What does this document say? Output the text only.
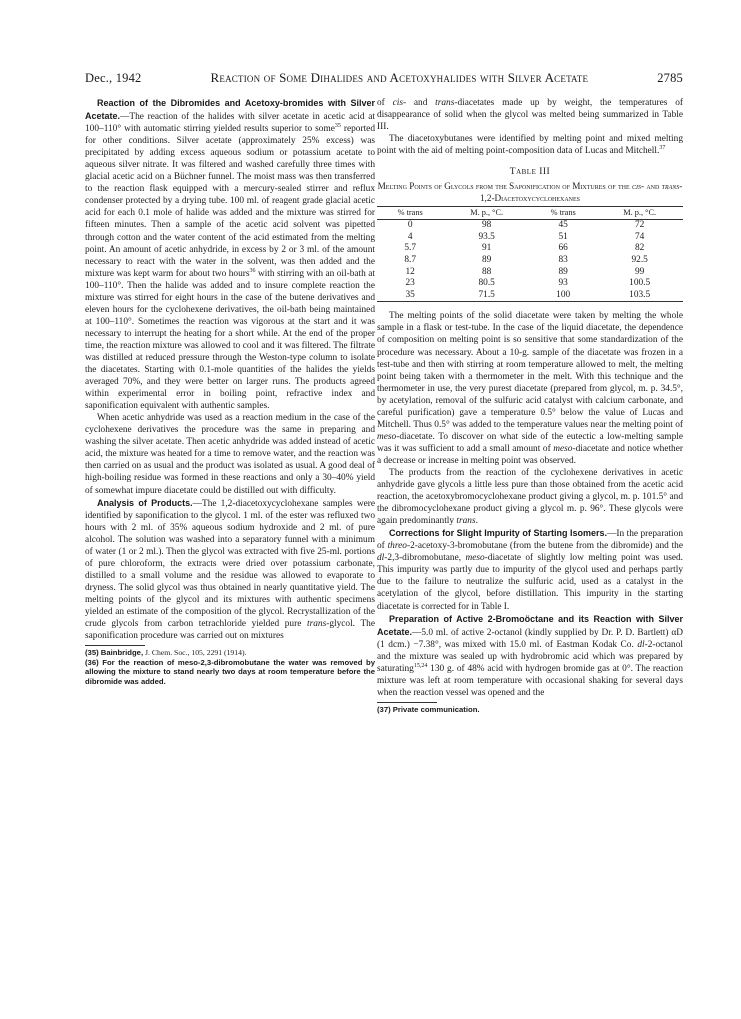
Dec., 1942	Reaction of Some Dihalides and Acetoxyhalides with Silver Acetate	2785

Reaction of the Dibromides and Acetoxy-bromides with Silver Acetate.—The reaction of the halides with silver acetate in acetic acid at 100–110° with automatic stirring yielded results superior to some$^{35}$ reported for other conditions. Silver acetate (approximately 25% excess) was precipitated by adding excess aqueous sodium or potassium acetate to aqueous silver nitrate. It was filtered and washed carefully three times with glacial acetic acid on a Büchner funnel. The moist mass was then transferred to the reaction flask equipped with a mercury-sealed stirrer and reflux condenser protected by a drying tube. 100 ml. of reagent grade glacial acetic acid for each 0.1 mole of halide was added and the mixture was stirred for fifteen minutes. Then a sample of the acetic acid solvent was pipetted through cotton and the water content of the acid estimated from the melting point. An amount of acetic anhydride, in excess by 2 or 3 ml. of the amount necessary to react with the water in the solvent, was then added and the mixture was kept warm for about two hours$^{36}$ with stirring with an oil-bath at 100–110°. Then the halide was added and to insure complete reaction the mixture was stirred for eight hours in the case of the butene derivatives and eleven hours for the cyclohexene derivatives, the oil-bath being maintained at 100–110°. Sometimes the reaction was vigorous at the start and it was necessary to interrupt the heating for a short while. At the end of the proper time, the reaction mixture was allowed to cool and it was filtered. The filtrate was distilled at reduced pressure through the Weston-type column to isolate the diacetates. Starting with 0.1-mole quantities of the halides the yields averaged 70%, and they were better on larger runs. The products agreed within experimental error in boiling point, refractive index and saponification equivalent with authentic samples.

When acetic anhydride was used as a reaction medium in the case of the cyclohexene derivatives the procedure was the same in preparing and washing the silver acetate. Then acetic anhydride was added instead of acetic acid, the mixture was heated for a time to remove water, and the reaction was then carried on as usual and the product was isolated as usual. A good deal of high-boiling residue was formed in these reactions and only a 30–40% yield of somewhat impure diacetate could be distilled out with difficulty.

Analysis of Products.—The 1,2-diacetoxycyclohexane samples were identified by saponification to the glycol. 1 ml. of the ester was refluxed two hours with 2 ml. of 35% aqueous sodium hydroxide and 2 ml. of pure alcohol. The solution was washed into a separatory funnel with a minimum of water (1 or 2 ml.). Then the glycol was extracted with five 25-ml. portions of pure chloroform, the extracts were dried over potassium carbonate, distilled to a small volume and the residue was allowed to evaporate to dryness. The solid glycol was thus obtained in nearly quantitative yield. The melting points of the glycol and its mixtures with authentic specimens yielded an estimate of the composition of the glycol. Recrystallization of the crude glycols from carbon tetrachloride yielded pure trans-glycol. The saponification procedure was carried out on mixtures

(35) Bainbridge, J. Chem. Soc., 105, 2291 (1914).

(36) For the reaction of meso-2,3-dibromobutane the water was removed by allowing the mixture to stand nearly two days at room temperature before the dibromide was added.

of cis- and trans-diacetates made up by weight, the temperatures of disappearance of solid when the glycol was melted being summarized in Table III.

The diacetoxybutanes were identified by melting point and mixed melting point with the aid of melting point-composition data of Lucas and Mitchell.$^{37}$

Table III
Melting Points of Glycols from the Saponification of Mixtures of the cis- and trans-1,2-Diacetoxycyclohexanes
% trans	M. p., °C.	% trans	M. p., °C.
0	98	45	72
4	93.5	51	74
5.7	91	66	82
8.7	89	83	92.5
12	88	89	99
23	80.5	93	100.5
35	71.5	100	103.5

The melting points of the solid diacetate were taken by melting the whole sample in a flask or test-tube. In the case of the liquid diacetate, the dependence of composition on melting point is so sensitive that some standardization of the procedure was necessary. About a 10-g. sample of the diacetate was frozen in a test-tube and then with stirring at room temperature allowed to melt, the melting point being taken with a thermometer in the melt. With this technique and the thermometer in use, the very purest diacetate (prepared from glycol, m. p. 34.5°, by acetylation, removal of the sulfuric acid catalyst with calcium carbonate, and careful purification) gave a temperature 0.5° below the value of Lucas and Mitchell. Thus 0.5° was added to the temperature values near the melting point of meso-diacetate. To discover on what side of the eutectic a low-melting sample was it was sufficient to add a small amount of meso-diacetate and notice whether a decrease or increase in melting point was observed.

The products from the reaction of the cyclohexene derivatives in acetic anhydride gave glycols a little less pure than those obtained from the acetic acid reaction, the acetoxybromocyclohexane product giving a glycol, m. p. 101.5° and the dibromocyclohexane product giving a glycol m. p. 96°. These glycols were again predominantly trans.

Corrections for Slight Impurity of Starting Isomers.—In the preparation of threo-2-acetoxy-3-bromobutane (from the butene from the dibromide) and the dl-2,3-dibromobutane, meso-diacetate of slightly low melting point was used. This impurity was partly due to impurity of the glycol used and perhaps partly due to the failure to neutralize the sulfuric acid, used as a catalyst in the acetylation of the glycol, before distillation. This impurity in the starting diacetate is corrected for in Table I.

Preparation of Active 2-Bromoöctane and its Reaction with Silver Acetate.—5.0 ml. of active 2-octanol (kindly supplied by Dr. P. D. Bartlett) αD (1 dcm.) −7.38°, was mixed with 15.0 ml. of Eastman Kodak Co. dl-2-octanol and the mixture was sealed up with hydrobromic acid which was prepared by saturating$^{15,24}$ 130 g. of 48% acid with hydrogen bromide gas at 0°. The reaction mixture was left at room temperature with occasional shaking for several days when the reaction vessel was opened and the

(37) Private communication.
